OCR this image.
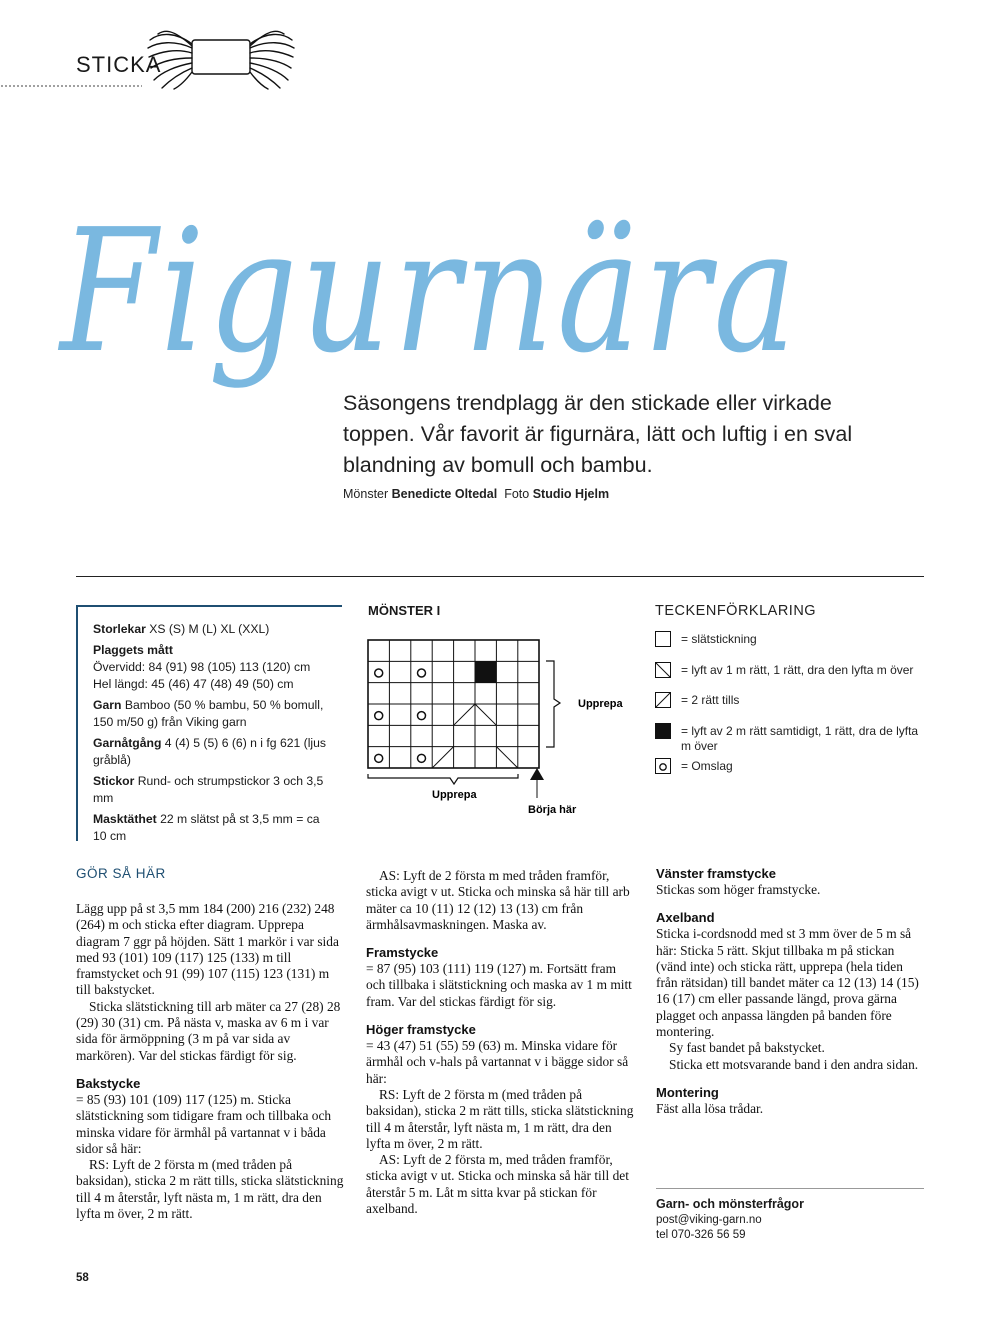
STICKA
Figurnära
Säsongens trendplagg är den stickade eller virkade toppen. Vår favorit är figurnära, lätt och luftig i en sval blandning av bomull och bambu.
Mönster Benedicte Oltedal Foto Studio Hjelm

Storlekar XS (S) M (L) XL (XXL)

Plaggets mått
Övervidd: 84 (91) 98 (105) 113 (120) cm
Hel längd: 45 (46) 47 (48) 49 (50) cm

Garn Bamboo (50 % bambu, 50 % bomull, 150 m/50 g) från Viking garn

Garnåtgång 4 (4) 5 (5) 6 (6) n i fg 621 (ljus gråblå)

Stickor Rund- och strumpstickor 3 och 3,5 mm

Masktäthet 22 m slätst på st 3,5 mm = ca 10 cm

MÖNSTER I
Upprepa
Upprepa
Börja här
TECKENFÖRKLARING
= slätstickning
= lyft av 1 m rätt, 1 rätt, dra den lyfta m över
= 2 rätt tills
= lyft av 2 m rätt samtidigt, 1 rätt, dra de lyfta m över
= Omslag
GÖR SÅ HÄR

Lägg upp på st 3,5 mm 184 (200) 216 (232) 248 (264) m och sticka efter diagram. Upprepa diagram 7 ggr på höjden. Sätt 1 markör i var sida med 93 (101) 109 (117) 125 (133) m till framstycket och 91 (99) 107 (115) 123 (131) m till bakstycket.

Sticka slätstickning till arb mäter ca 27 (28) 28 (29) 30 (31) cm. På nästa v, maska av 6 m i var sida för ärmöppning (3 m på var sida av markören). Var del stickas färdigt för sig.

Bakstycke

= 85 (93) 101 (109) 117 (125) m. Sticka slätstickning som tidigare fram och tillbaka och minska vidare för ärmhål på vartannat v i båda sidor så här:

RS: Lyft de 2 första m (med tråden på baksidan), sticka 2 m rätt tills, sticka slätstickning till 4 m återstår, lyft nästa m, 1 m rätt, dra den lyfta m över, 2 m rätt.

AS: Lyft de 2 första m med tråden framför, sticka avigt v ut. Sticka och minska så här till arb mäter ca 10 (11) 12 (12) 13 (13) cm från ärmhålsavmaskningen. Maska av.

Framstycke

= 87 (95) 103 (111) 119 (127) m. Fortsätt fram och tillbaka i slätstickning och maska av 1 m mitt fram. Var del stickas färdigt för sig.

Höger framstycke

= 43 (47) 51 (55) 59 (63) m. Minska vidare för ärmhål och v-hals på vartannat v i bägge sidor så här:

RS: Lyft de 2 första m (med tråden på baksidan), sticka 2 m rätt tills, sticka slätstickning till 4 m återstår, lyft nästa m, 1 m rätt, dra den lyfta m över, 2 m rätt.

AS: Lyft de 2 första m, med tråden framför, sticka avigt v ut. Sticka och minska så här till det återstår 5 m. Låt m sitta kvar på stickan för axelband.

Vänster framstycke

Stickas som höger framstycke.

Axelband

Sticka i-cordsnodd med st 3 mm över de 5 m så här: Sticka 5 rätt. Skjut tillbaka m på stickan (vänd inte) och sticka rätt, upprepa (hela tiden från rätsidan) till bandet mäter ca 12 (13) 14 (15) 16 (17) cm eller passande längd, prova gärna plagget och anpassa längden på banden före montering.

Sy fast bandet på bakstycket.

Sticka ett motsvarande band i den andra sidan.

Montering

Fäst alla lösa trådar.

Garn- och mönsterfrågor
post@viking-garn.no
tel 070-326 56 59
58
